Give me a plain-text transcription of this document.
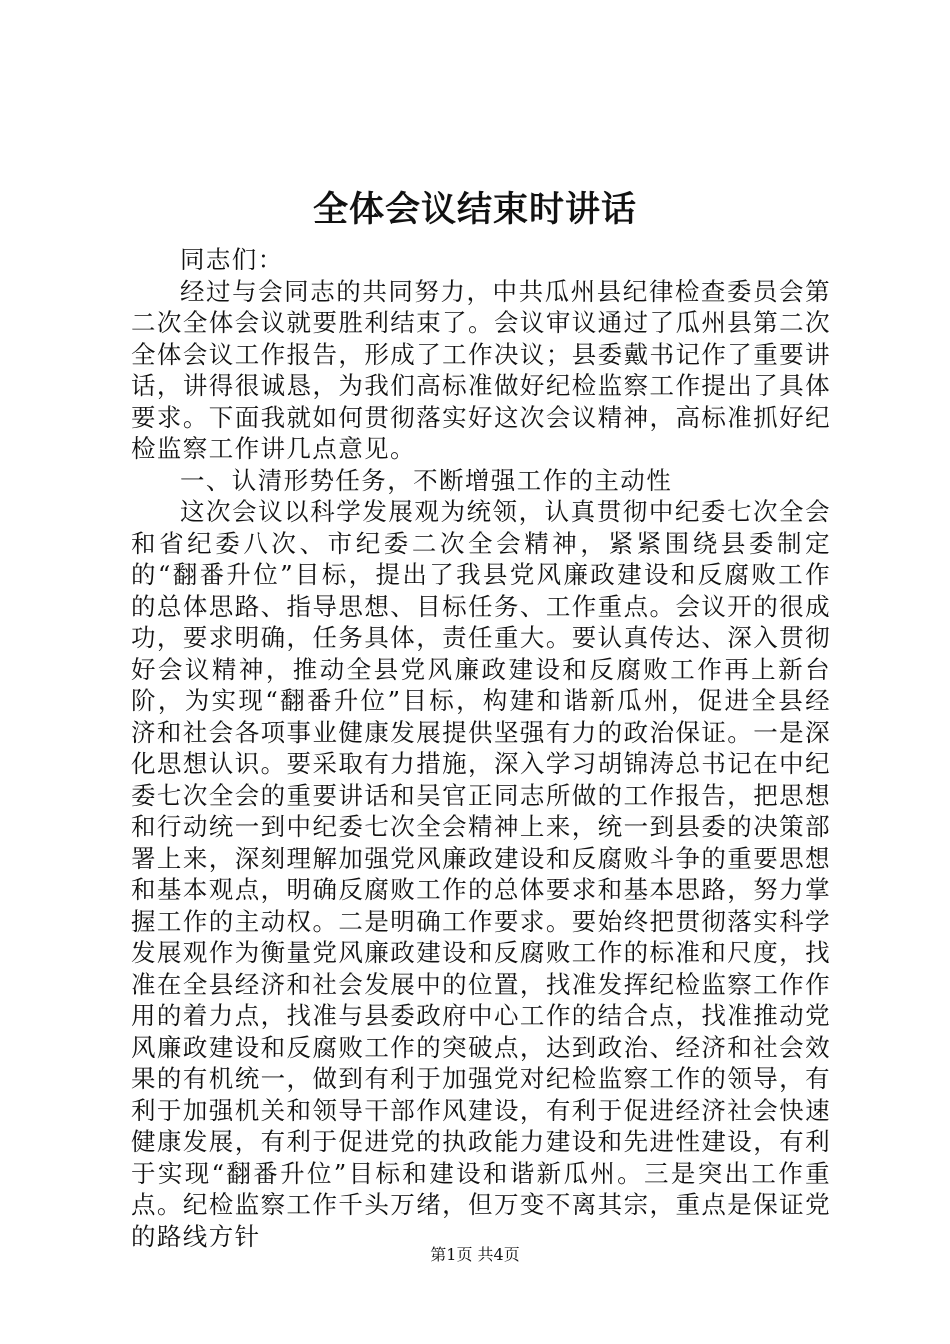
全体会议结束时讲话

同志们：

经过与会同志的共同努力，中共瓜州县纪律检查委员会第二次全体会议就要胜利结束了。会议审议通过了瓜州县第二次全体会议工作报告，形成了工作决议；县委戴书记作了重要讲话，讲得很诚恳，为我们高标准做好纪检监察工作提出了具体要求。下面我就如何贯彻落实好这次会议精神，高标准抓好纪检监察工作讲几点意见。

一、认清形势任务，不断增强工作的主动性

这次会议以科学发展观为统领，认真贯彻中纪委七次全会和省纪委八次、市纪委二次全会精神，紧紧围绕县委制定的“翻番升位”目标，提出了我县党风廉政建设和反腐败工作的总体思路、指导思想、目标任务、工作重点。会议开的很成功，要求明确，任务具体，责任重大。要认真传达、深入贯彻好会议精神，推动全县党风廉政建设和反腐败工作再上新台阶，为实现“翻番升位”目标，构建和谐新瓜州，促进全县经济和社会各项事业健康发展提供坚强有力的政治保证。一是深化思想认识。要采取有力措施，深入学习胡锦涛总书记在中纪委七次全会的重要讲话和吴官正同志所做的工作报告，把思想和行动统一到中纪委七次全会精神上来，统一到县委的决策部署上来，深刻理解加强党风廉政建设和反腐败斗争的重要思想和基本观点，明确反腐败工作的总体要求和基本思路，努力掌握工作的主动权。二是明确工作要求。要始终把贯彻落实科学发展观作为衡量党风廉政建设和反腐败工作的标准和尺度，找准在全县经济和社会发展中的位置，找准发挥纪检监察工作作用的着力点，找准与县委政府中心工作的结合点，找准推动党风廉政建设和反腐败工作的突破点，达到政治、经济和社会效果的有机统一，做到有利于加强党对纪检监察工作的领导，有利于加强机关和领导干部作风建设，有利于促进经济社会快速健康发展，有利于促进党的执政能力建设和先进性建设，有利于实现“翻番升位”目标和建设和谐新瓜州。三是突出工作重点。纪检监察工作千头万绪，但万变不离其宗，重点是保证党的路线方针

第1页 共4页
